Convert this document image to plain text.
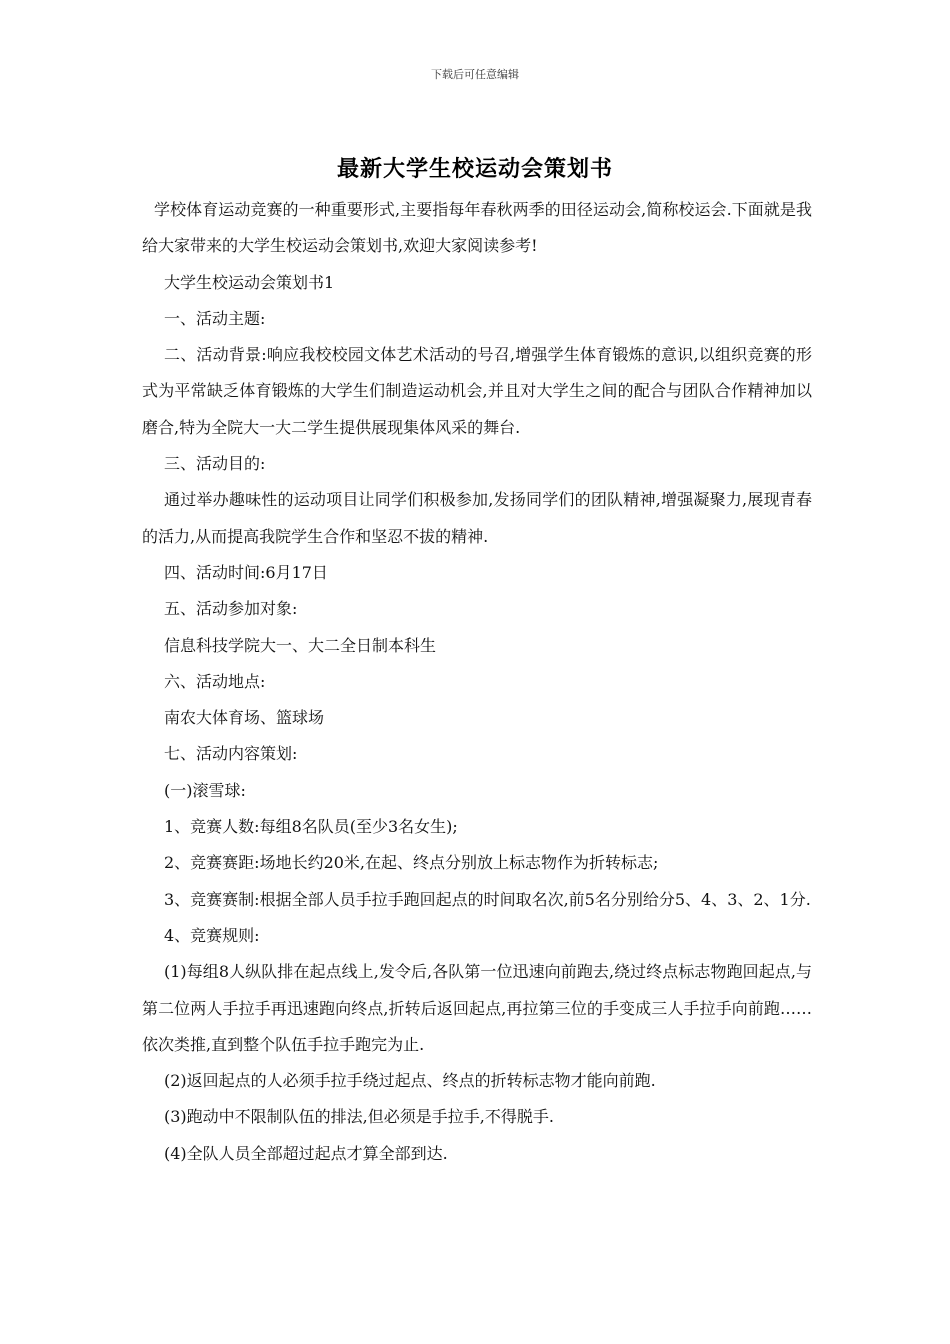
下载后可任意编辑
最新大学生校运动会策划书

学校体育运动竞赛的一种重要形式,主要指每年春秋两季的田径运动会,简称校运会.下面就是我给大家带来的大学生校运动会策划书,欢迎大家阅读参考!

大学生校运动会策划书1

一、活动主题:

二、活动背景:响应我校校园文体艺术活动的号召,增强学生体育锻炼的意识,以组织竞赛的形式为平常缺乏体育锻炼的大学生们制造运动机会,并且对大学生之间的配合与团队合作精神加以磨合,特为全院大一大二学生提供展现集体风采的舞台.

三、活动目的:

通过举办趣味性的运动项目让同学们积极参加,发扬同学们的团队精神,增强凝聚力,展现青春的活力,从而提高我院学生合作和坚忍不拔的精神.

四、活动时间:6月17日

五、活动参加对象:

信息科技学院大一、大二全日制本科生

六、活动地点:

南农大体育场、篮球场

七、活动内容策划:

(一)滚雪球:

1、竞赛人数:每组8名队员(至少3名女生);

2、竞赛赛距:场地长约20米,在起、终点分别放上标志物作为折转标志;

3、竞赛赛制:根据全部人员手拉手跑回起点的时间取名次,前5名分别给分5、4、3、2、1分.

4、竞赛规则:

(1)每组8人纵队排在起点线上,发令后,各队第一位迅速向前跑去,绕过终点标志物跑回起点,与第二位两人手拉手再迅速跑向终点,折转后返回起点,再拉第三位的手变成三人手拉手向前跑……依次类推,直到整个队伍手拉手跑完为止.

(2)返回起点的人必须手拉手绕过起点、终点的折转标志物才能向前跑.

(3)跑动中不限制队伍的排法,但必须是手拉手,不得脱手.

(4)全队人员全部超过起点才算全部到达.
